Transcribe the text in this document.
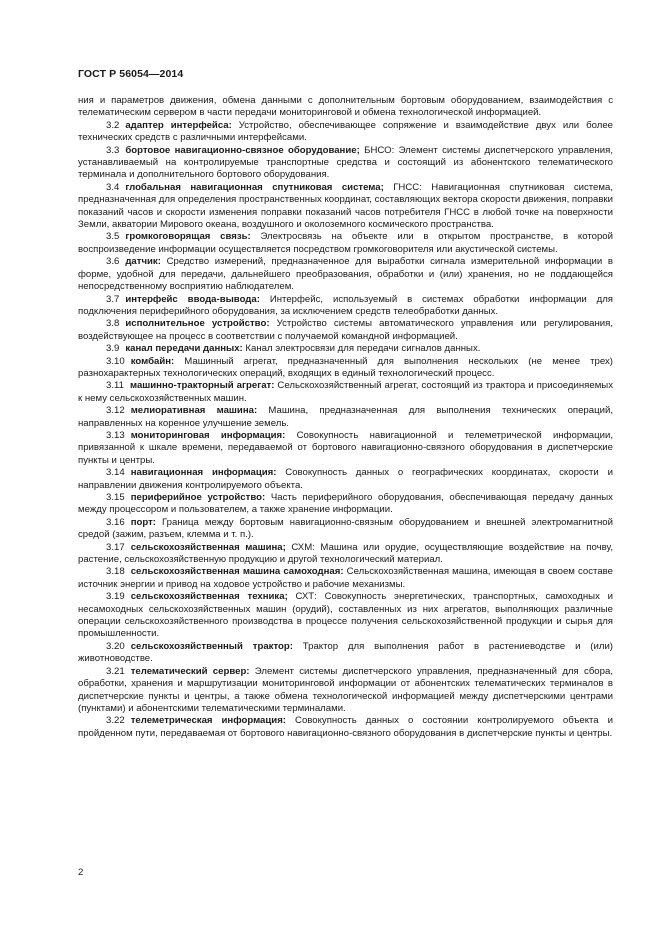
ГОСТ Р 56054—2014

ния и параметров движения, обмена данными с дополнительным бортовым оборудованием, взаимодействия с телематическим сервером в части передачи мониторинговой и обмена технологической информацией.

3.2 адаптер интерфейса: Устройство, обеспечивающее сопряжение и взаимодействие двух или более технических средств с различными интерфейсами.

3.3 бортовое навигационно-связное оборудование; БНСО: Элемент системы диспетчерского управления, устанавливаемый на контролируемые транспортные средства и состоящий из абонентского телематического терминала и дополнительного бортового оборудования.

3.4 глобальная навигационная спутниковая система; ГНСС: Навигационная спутниковая система, предназначенная для определения пространственных координат, составляющих вектора скорости движения, поправки показаний часов и скорости изменения поправки показаний часов потребителя ГНСС в любой точке на поверхности Земли, акватории Мирового океана, воздушного и околоземного космического пространства.

3.5 громкоговорящая связь: Электросвязь на объекте или в открытом пространстве, в которой воспроизведение информации осуществляется посредством громкоговорителя или акустической системы.

3.6 датчик: Средство измерений, предназначенное для выработки сигнала измерительной информации в форме, удобной для передачи, дальнейшего преобразования, обработки и (или) хранения, но не поддающейся непосредственному восприятию наблюдателем.

3.7 интерфейс ввода-вывода: Интерфейс, используемый в системах обработки информации для подключения периферийного оборудования, за исключением средств телеобработки данных.

3.8 исполнительное устройство: Устройство системы автоматического управления или регулирования, воздействующее на процесс в соответствии с получаемой командной информацией.

3.9 канал передачи данных: Канал электросвязи для передачи сигналов данных.

3.10 комбайн: Машинный агрегат, предназначенный для выполнения нескольких (не менее трех) разнохарактерных технологических операций, входящих в единый технологический процесс.

3.11 машинно-тракторный агрегат: Сельскохозяйственный агрегат, состоящий из трактора и присоединяемых к нему сельскохозяйственных машин.

3.12 мелиоративная машина: Машина, предназначенная для выполнения технических операций, направленных на коренное улучшение земель.

3.13 мониторинговая информация: Совокупность навигационной и телеметрической информации, привязанной к шкале времени, передаваемой от бортового навигационно-связного оборудования в диспетчерские пункты и центры.

3.14 навигационная информация: Совокупность данных о географических координатах, скорости и направлении движения контролируемого объекта.

3.15 периферийное устройство: Часть периферийного оборудования, обеспечивающая передачу данных между процессором и пользователем, а также хранение информации.

3.16 порт: Граница между бортовым навигационно-связным оборудованием и внешней электромагнитной средой (зажим, разъем, клемма и т. п.).

3.17 сельскохозяйственная машина; СХМ: Машина или орудие, осуществляющие воздействие на почву, растение, сельскохозяйственную продукцию и другой технологический материал.

3.18 сельскохозяйственная машина самоходная: Сельскохозяйственная машина, имеющая в своем составе источник энергии и привод на ходовое устройство и рабочие механизмы.

3.19 сельскохозяйственная техника; СХТ: Совокупность энергетических, транспортных, самоходных и несамоходных сельскохозяйственных машин (орудий), составленных из них агрегатов, выполняющих различные операции сельскохозяйственного производства в процессе получения сельскохозяйственной продукции и сырья для промышленности.

3.20 сельскохозяйственный трактор: Трактор для выполнения работ в растениеводстве и (или) животноводстве.

3.21 телематический сервер: Элемент системы диспетчерского управления, предназначенный для сбора, обработки, хранения и маршрутизации мониторинговой информации от абонентских телематических терминалов в диспетчерские пункты и центры, а также обмена технологической информацией между диспетчерскими центрами (пунктами) и абонентскими телематическими терминалами.

3.22 телеметрическая информация: Совокупность данных о состоянии контролируемого объекта и пройденном пути, передаваемая от бортового навигационно-связного оборудования в диспетчерские пункты и центры.

2
